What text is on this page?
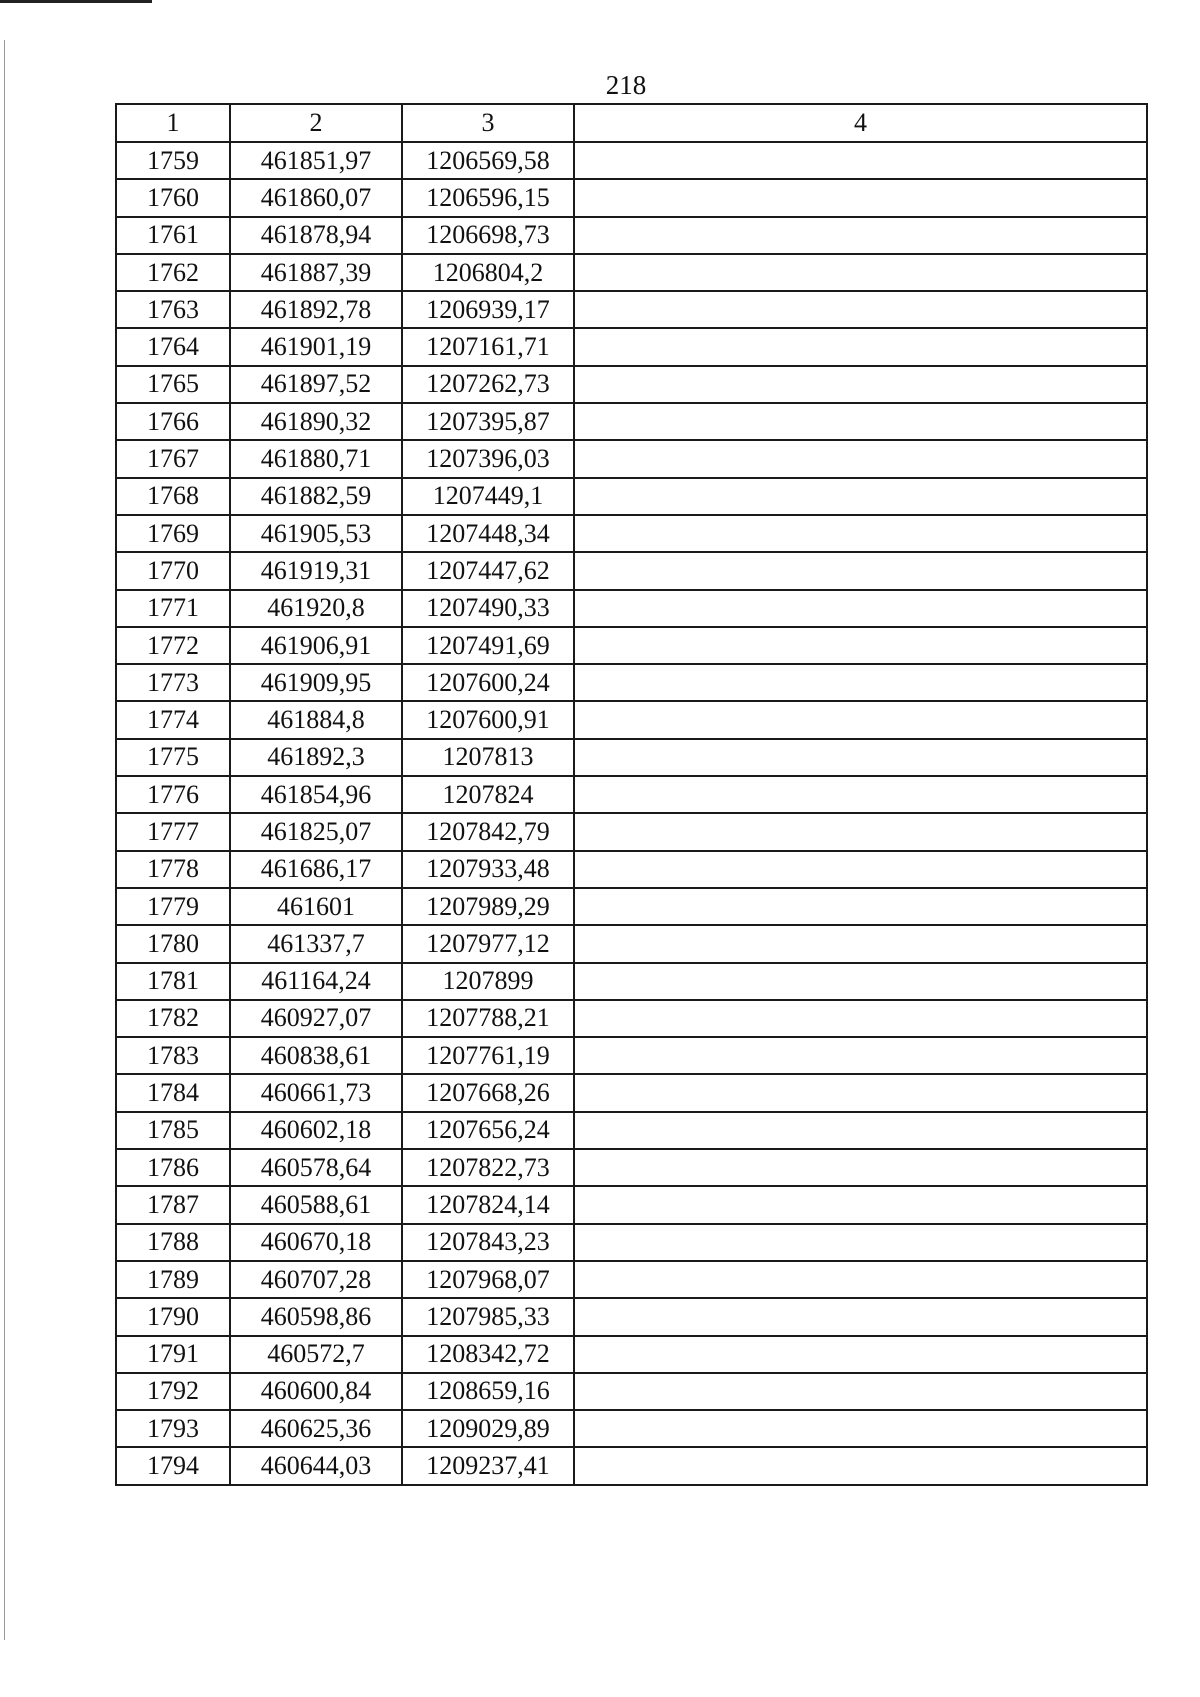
218
1	2	3	4
1759	461851,97	1206569,58	
1760	461860,07	1206596,15	
1761	461878,94	1206698,73	
1762	461887,39	1206804,2	
1763	461892,78	1206939,17	
1764	461901,19	1207161,71	
1765	461897,52	1207262,73	
1766	461890,32	1207395,87	
1767	461880,71	1207396,03	
1768	461882,59	1207449,1	
1769	461905,53	1207448,34	
1770	461919,31	1207447,62	
1771	461920,8	1207490,33	
1772	461906,91	1207491,69	
1773	461909,95	1207600,24	
1774	461884,8	1207600,91	
1775	461892,3	1207813	
1776	461854,96	1207824	
1777	461825,07	1207842,79	
1778	461686,17	1207933,48	
1779	461601	1207989,29	
1780	461337,7	1207977,12	
1781	461164,24	1207899	
1782	460927,07	1207788,21	
1783	460838,61	1207761,19	
1784	460661,73	1207668,26	
1785	460602,18	1207656,24	
1786	460578,64	1207822,73	
1787	460588,61	1207824,14	
1788	460670,18	1207843,23	
1789	460707,28	1207968,07	
1790	460598,86	1207985,33	
1791	460572,7	1208342,72	
1792	460600,84	1208659,16	
1793	460625,36	1209029,89	
1794	460644,03	1209237,41	
